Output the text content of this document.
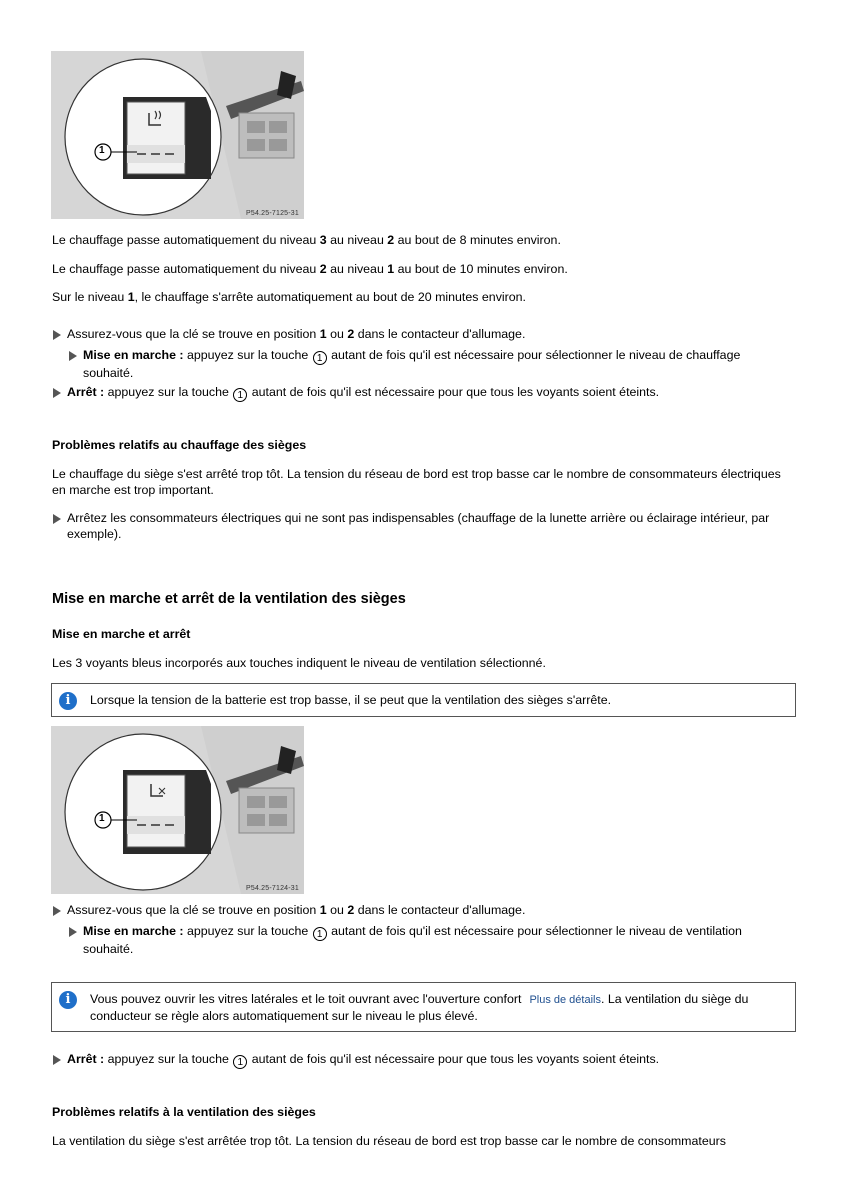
1
P54.25-7125-31

Le chauffage passe automatiquement du niveau 3 au niveau 2 au bout de 8 minutes environ.

Le chauffage passe automatiquement du niveau 2 au niveau 1 au bout de 10 minutes environ.

Sur le niveau 1, le chauffage s'arrête automatiquement au bout de 20 minutes environ.

Assurez-vous que la clé se trouve en position 1 ou 2 dans le contacteur d'allumage.

Mise en marche : appuyez sur la touche 1 autant de fois qu'il est nécessaire pour sélectionner le niveau de chauffage souhaité.

Arrêt : appuyez sur la touche 1 autant de fois qu'il est nécessaire pour que tous les voyants soient éteints.

Problèmes relatifs au chauffage des sièges

Le chauffage du siège s'est arrêté trop tôt. La tension du réseau de bord est trop basse car le nombre de consommateurs électriques en marche est trop important.

Arrêtez les consommateurs électriques qui ne sont pas indispensables (chauffage de la lunette arrière ou éclairage intérieur, par exemple).

Mise en marche et arrêt de la ventilation des sièges
Mise en marche et arrêt

Les 3 voyants bleus incorporés aux touches indiquent le niveau de ventilation sélectionné.

i	Lorsque la tension de la batterie est trop basse, il se peut que la ventilation des sièges s'arrête.
1
P54.25-7124-31

Assurez-vous que la clé se trouve en position 1 ou 2 dans le contacteur d'allumage.

Mise en marche : appuyez sur la touche 1 autant de fois qu'il est nécessaire pour sélectionner le niveau de ventilation souhaité.

i	Vous pouvez ouvrir les vitres latérales et le toit ouvrant avec l'ouverture confort Plus de détails. La ventilation du siège du conducteur se règle alors automatiquement sur le niveau le plus élevé.

Arrêt : appuyez sur la touche 1 autant de fois qu'il est nécessaire pour que tous les voyants soient éteints.

Problèmes relatifs à la ventilation des sièges

La ventilation du siège s'est arrêtée trop tôt. La tension du réseau de bord est trop basse car le nombre de consommateurs
